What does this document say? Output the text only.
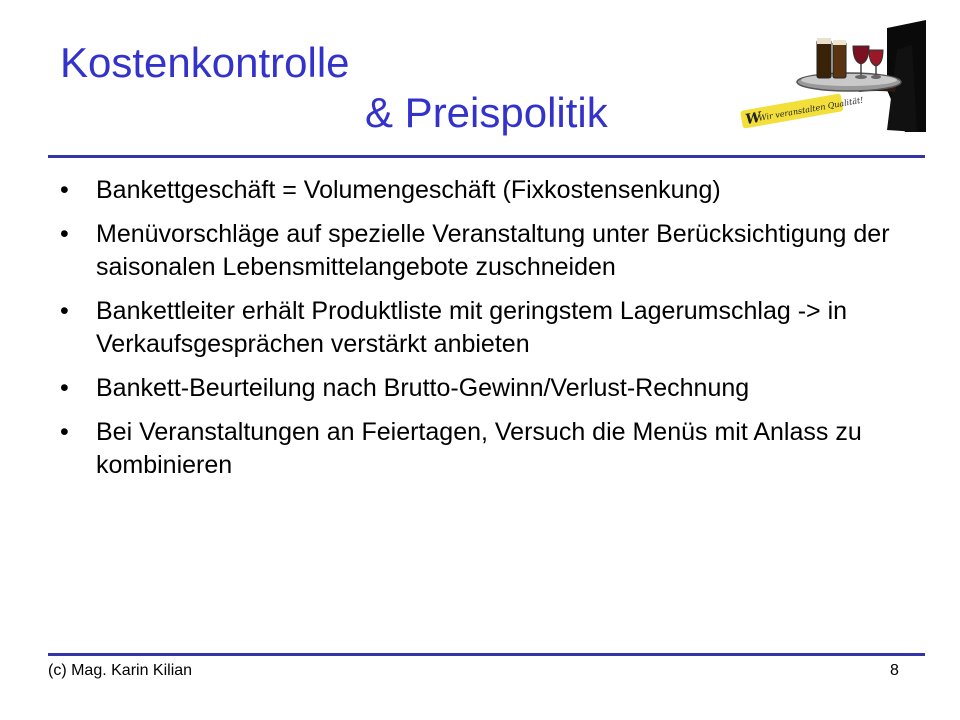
Kostenkontrolle
& Preispolitik	W
Wir veranstalten Qualität!
• Bankettgeschäft = Volumengeschäft (Fixkostensenkung)
• Menüvorschläge auf spezielle Veranstaltung unter Berücksichtigung der saisonalen Lebensmittelangebote zuschneiden
• Bankettleiter erhält Produktliste mit geringstem Lagerumschlag -> in Verkaufsgesprächen verstärkt anbieten
• Bankett-Beurteilung nach Brutto-Gewinn/Verlust-Rechnung
• Bei Veranstaltungen an Feiertagen, Versuch die Menüs mit Anlass zu kombinieren
(c) Mag. Karin Kilian	8
